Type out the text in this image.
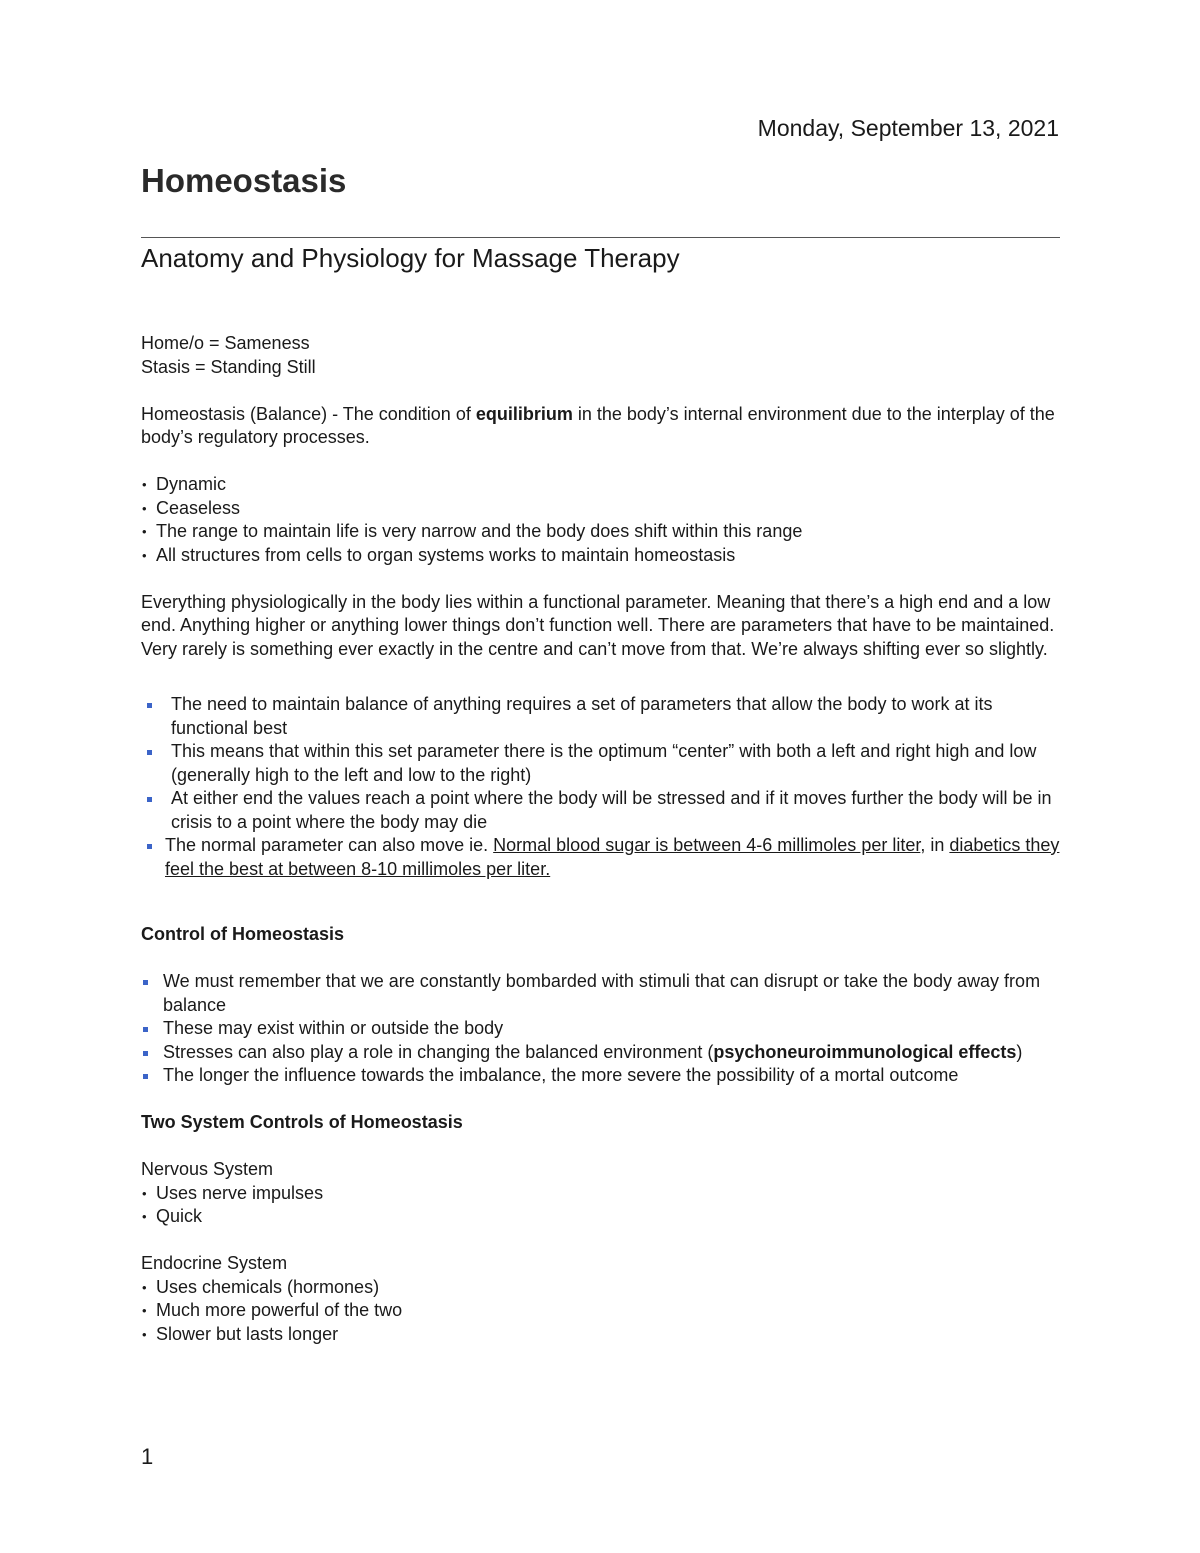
Monday, September 13, 2021
Homeostasis
Anatomy and Physiology for Massage Therapy

Home/o = Sameness

Stasis = Standing Still

Homeostasis (Balance) - The condition of equilibrium in the body’s internal environment due to the interplay of the body’s regulatory processes.

• Dynamic
• Ceaseless
• The range to maintain life is very narrow and the body does shift within this range
• All structures from cells to organ systems works to maintain homeostasis

Everything physiologically in the body lies within a functional parameter. Meaning that there’s a high end and a low end. Anything higher or anything lower things don’t function well. There are parameters that have to be maintained. Very rarely is something ever exactly in the centre and can’t move from that. We’re always shifting ever so slightly.

The need to maintain balance of anything requires a set of parameters that allow the body to work at its functional best
This means that within this set parameter there is the optimum “center” with both a left and right high and low (generally high to the left and low to the right)
At either end the values reach a point where the body will be stressed and if it moves further the body will be in crisis to a point where the body may die
The normal parameter can also move ie. Normal blood sugar is between 4-6 millimoles per liter, in diabetics they feel the best at between 8-10 millimoles per liter.

Control of Homeostasis

We must remember that we are constantly bombarded with stimuli that can disrupt or take the body away from balance
These may exist within or outside the body
Stresses can also play a role in changing the balanced environment (psychoneuroimmunological effects)
The longer the influence towards the imbalance, the more severe the possibility of a mortal outcome

Two System Controls of Homeostasis

Nervous System

• Uses nerve impulses
• Quick

Endocrine System

• Uses chemicals (hormones)
• Much more powerful of the two
• Slower but lasts longer
1
